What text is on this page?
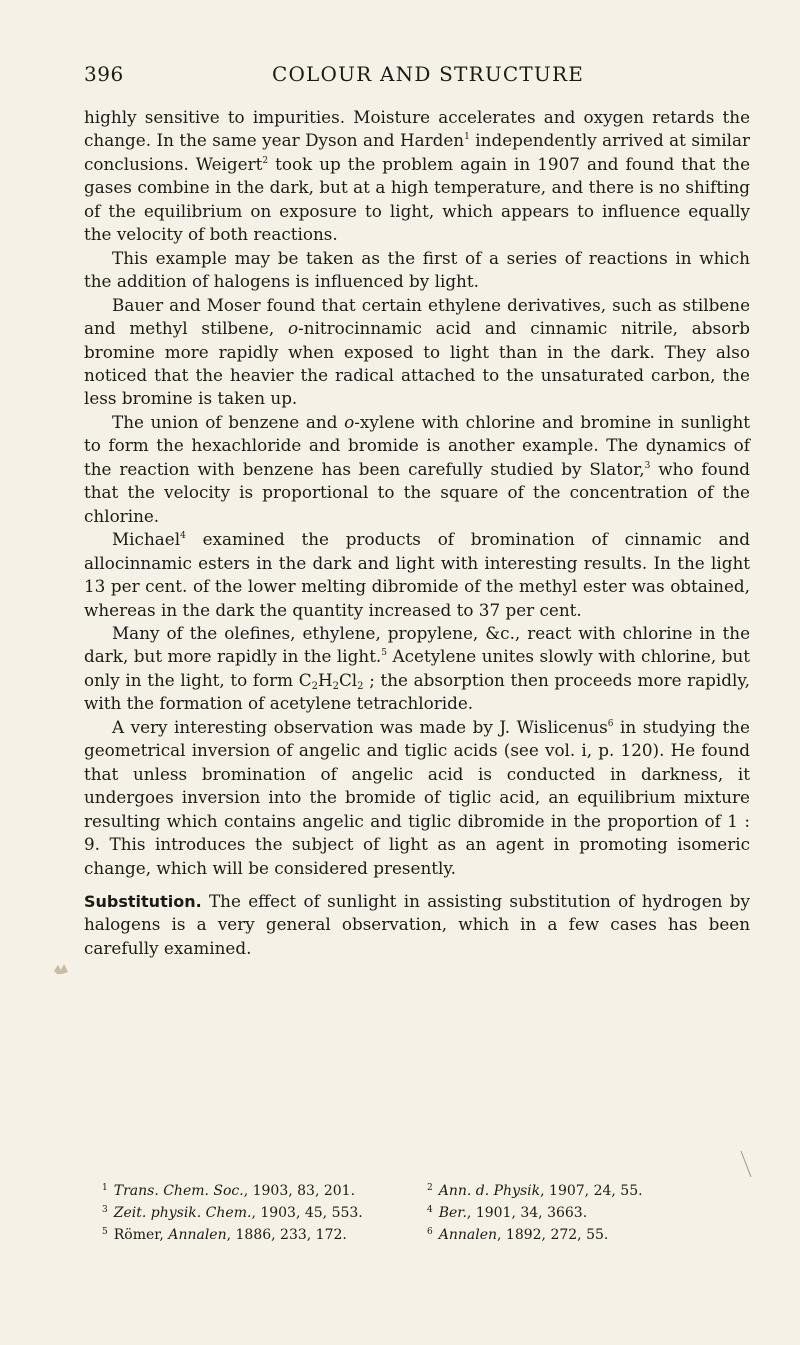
396	COLOUR AND STRUCTURE

highly sensitive to impurities. Moisture accelerates and oxygen retards the change. In the same year Dyson and Harden$^1$ independently arrived at similar conclusions. Weigert$^2$ took up the problem again in 1907 and found that the gases combine in the dark, but at a high temperature, and there is no shifting of the equilibrium on exposure to light, which appears to influence equally the velocity of both reactions.

This example may be taken as the first of a series of reactions in which the addition of halogens is influenced by light.

Bauer and Moser found that certain ethylene derivatives, such as stilbene and methyl stilbene, o-nitrocinnamic acid and cinnamic nitrile, absorb bromine more rapidly when exposed to light than in the dark. They also noticed that the heavier the radical attached to the unsaturated carbon, the less bromine is taken up.

The union of benzene and o-xylene with chlorine and bromine in sunlight to form the hexachloride and bromide is another example. The dynamics of the reaction with benzene has been carefully studied by Slator,$^3$ who found that the velocity is proportional to the square of the concentration of the chlorine.

Michael$^4$ examined the products of bromination of cinnamic and allocinnamic esters in the dark and light with interesting results. In the light 13 per cent. of the lower melting dibromide of the methyl ester was obtained, whereas in the dark the quantity increased to 37 per cent.

Many of the olefines, ethylene, propylene, &c., react with chlorine in the dark, but more rapidly in the light.$^5$ Acetylene unites slowly with chlorine, but only in the light, to form $C_2H_2Cl_2$ ; the absorption then proceeds more rapidly, with the formation of acetylene tetrachloride.

A very interesting observation was made by J. Wislicenus$^6$ in studying the geometrical inversion of angelic and tiglic acids (see vol. i, p. 120). He found that unless bromination of angelic acid is conducted in darkness, it undergoes inversion into the bromide of tiglic acid, an equilibrium mixture resulting which contains angelic and tiglic dibromide in the proportion of 1 : 9. This introduces the subject of light as an agent in promoting isomeric change, which will be considered presently.

Substitution. The effect of sunlight in assisting substitution of hydrogen by halogens is a very general observation, which in a few cases has been carefully examined.

$^1$ Trans. Chem. Soc., 1903, 83, 201.	$^2$ Ann. d. Physik, 1907, 24, 55.
$^3$ Zeit. physik. Chem., 1903, 45, 553.	$^4$ Ber., 1901, 34, 3663.
$^5$ Römer, Annalen, 1886, 233, 172.	$^6$ Annalen, 1892, 272, 55.
